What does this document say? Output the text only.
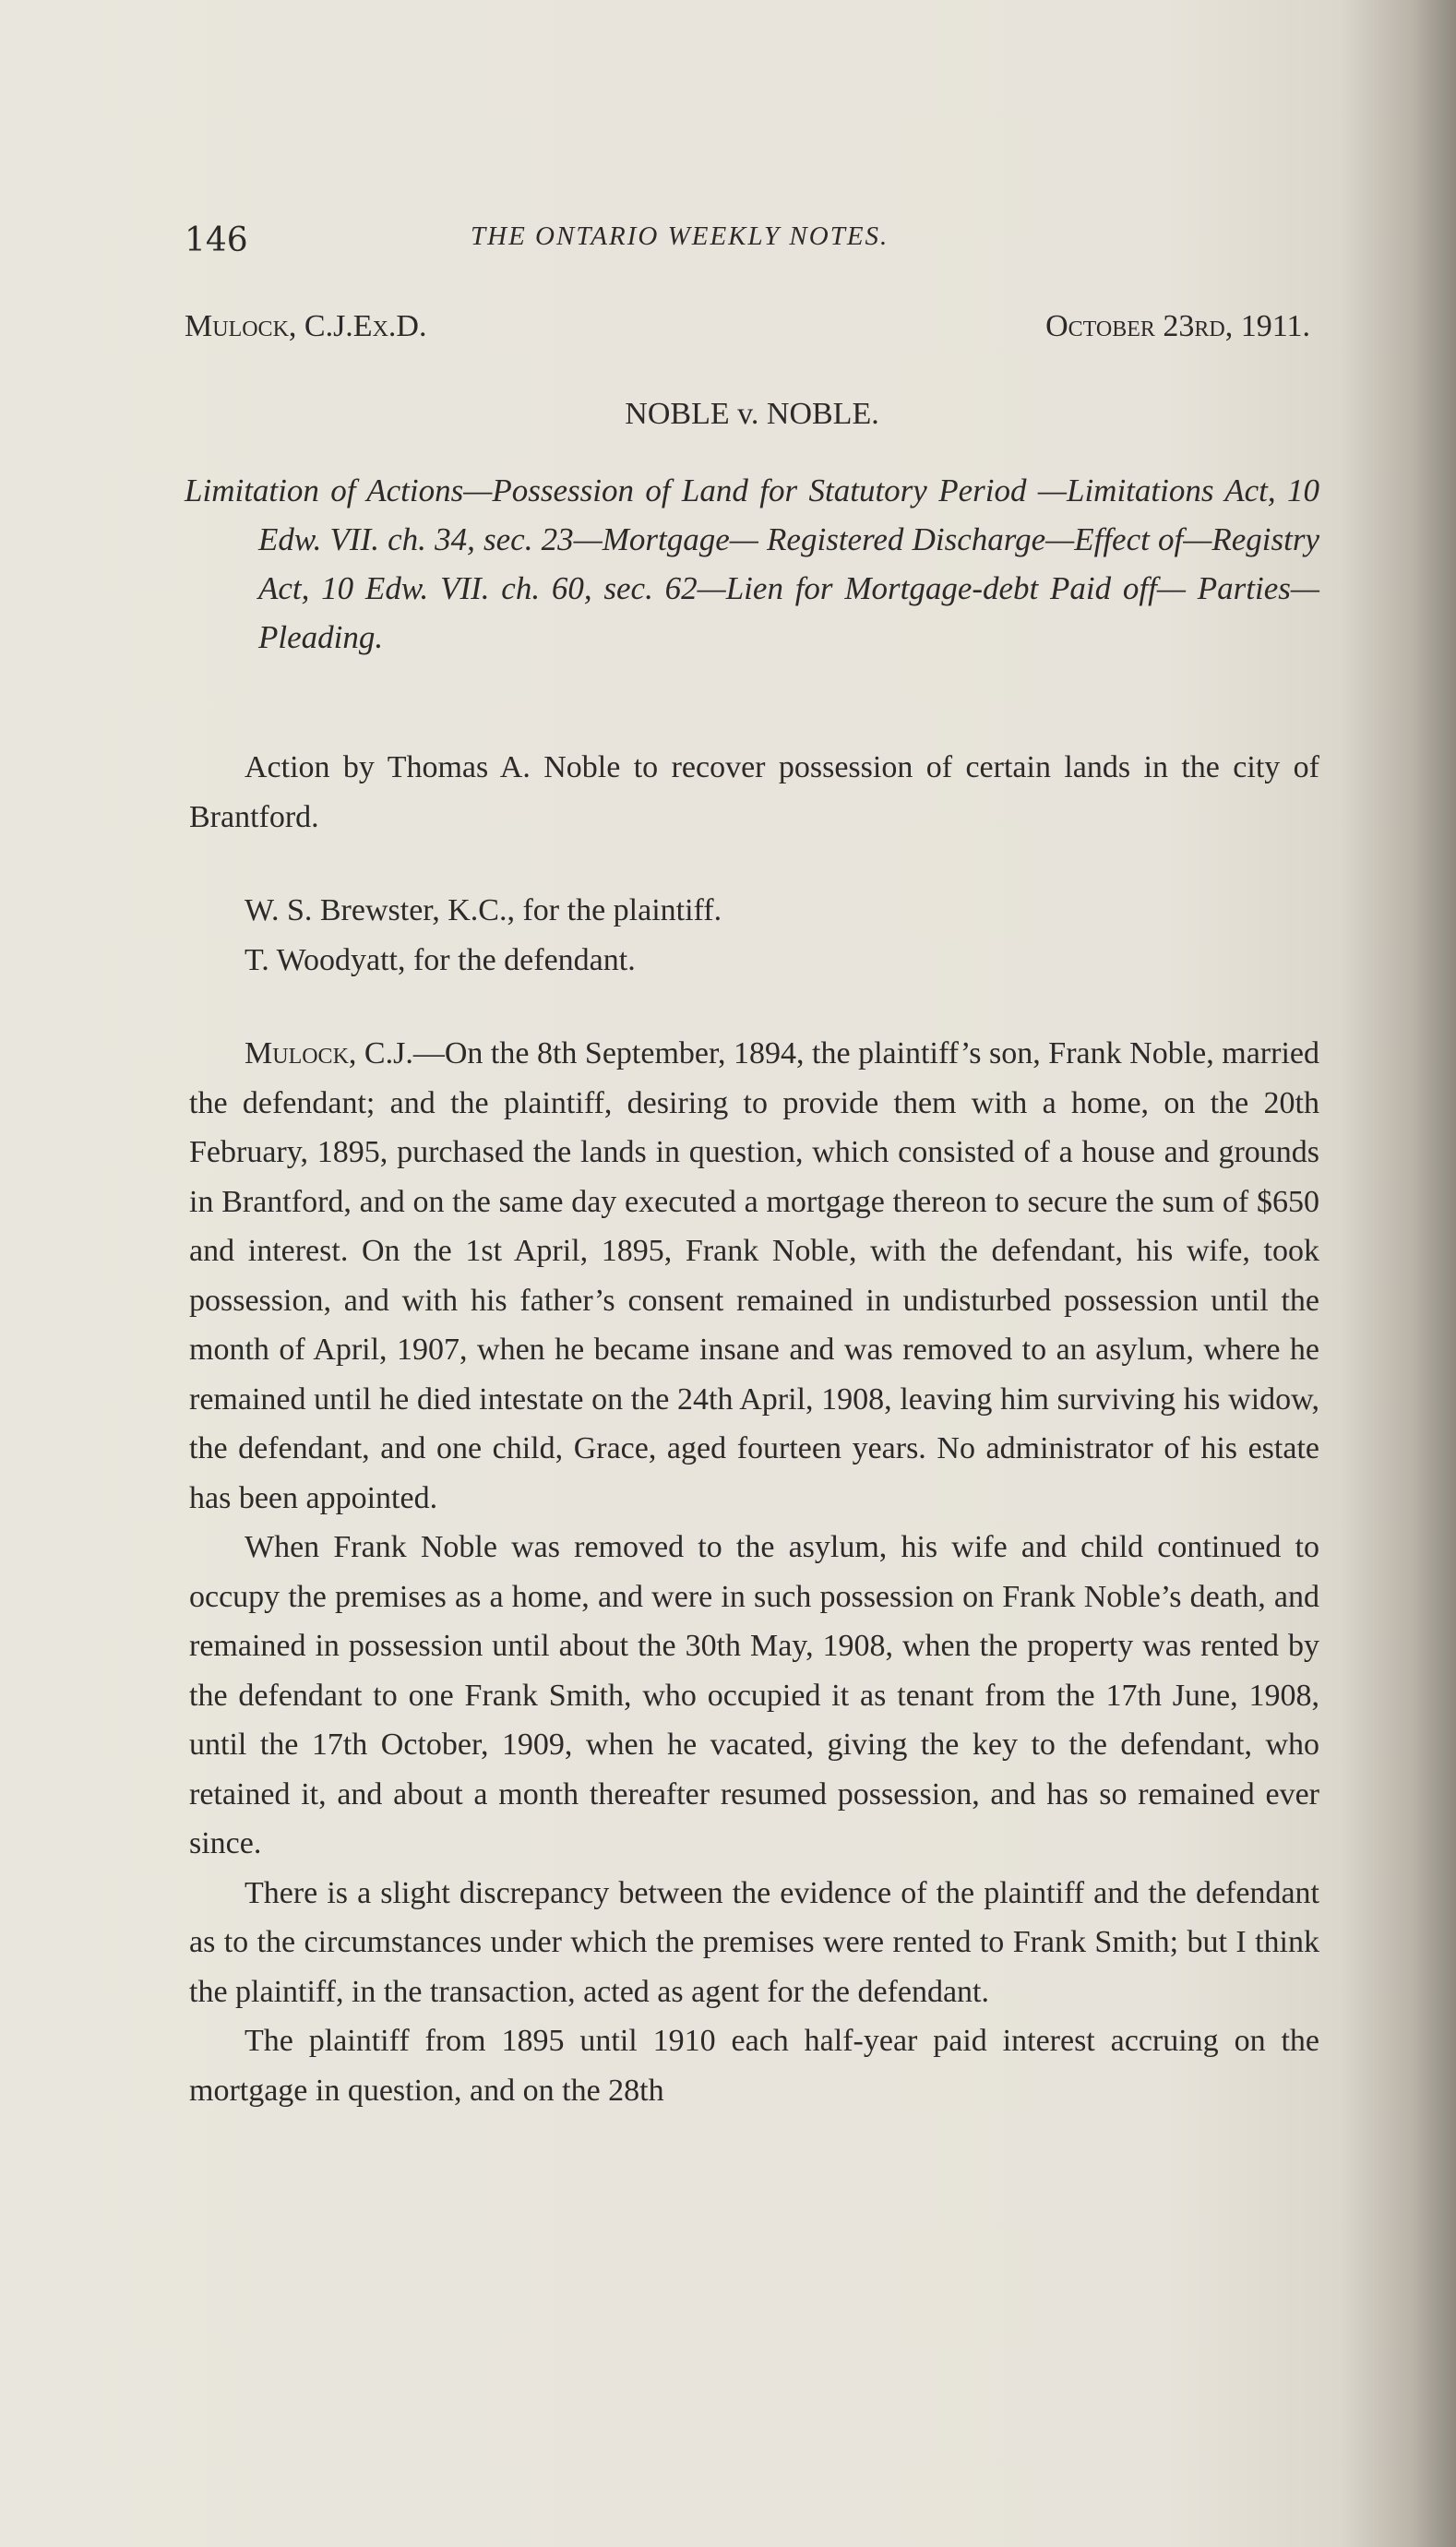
146	THE ONTARIO WEEKLY NOTES.
Mulock, C.J.Ex.D.	October 23rd, 1911.
NOBLE v. NOBLE.
Limitation of Actions—Possession of Land for Statutory Period —Limitations Act, 10 Edw. VII. ch. 34, sec. 23—Mortgage— Registered Discharge—Effect of—Registry Act, 10 Edw. VII. ch. 60, sec. 62—Lien for Mortgage-debt Paid off— Parties—Pleading.

Action by Thomas A. Noble to recover possession of certain lands in the city of Brantford.

W. S. Brewster, K.C., for the plaintiff.

T. Woodyatt, for the defendant.

Mulock, C.J.—On the 8th September, 1894, the plaintiff’s son, Frank Noble, married the defendant; and the plaintiff, desiring to provide them with a home, on the 20th February, 1895, purchased the lands in question, which consisted of a house and grounds in Brantford, and on the same day executed a mortgage thereon to secure the sum of $650 and interest. On the 1st April, 1895, Frank Noble, with the defendant, his wife, took possession, and with his father’s consent remained in undisturbed possession until the month of April, 1907, when he became insane and was removed to an asylum, where he remained until he died intestate on the 24th April, 1908, leaving him surviving his widow, the defendant, and one child, Grace, aged fourteen years. No administrator of his estate has been appointed.

When Frank Noble was removed to the asylum, his wife and child continued to occupy the premises as a home, and were in such possession on Frank Noble’s death, and remained in possession until about the 30th May, 1908, when the property was rented by the defendant to one Frank Smith, who occupied it as tenant from the 17th June, 1908, until the 17th October, 1909, when he vacated, giving the key to the defendant, who retained it, and about a month thereafter resumed possession, and has so remained ever since.

There is a slight discrepancy between the evidence of the plaintiff and the defendant as to the circumstances under which the premises were rented to Frank Smith; but I think the plaintiff, in the transaction, acted as agent for the defendant.

The plaintiff from 1895 until 1910 each half-year paid interest accruing on the mortgage in question, and on the 28th
